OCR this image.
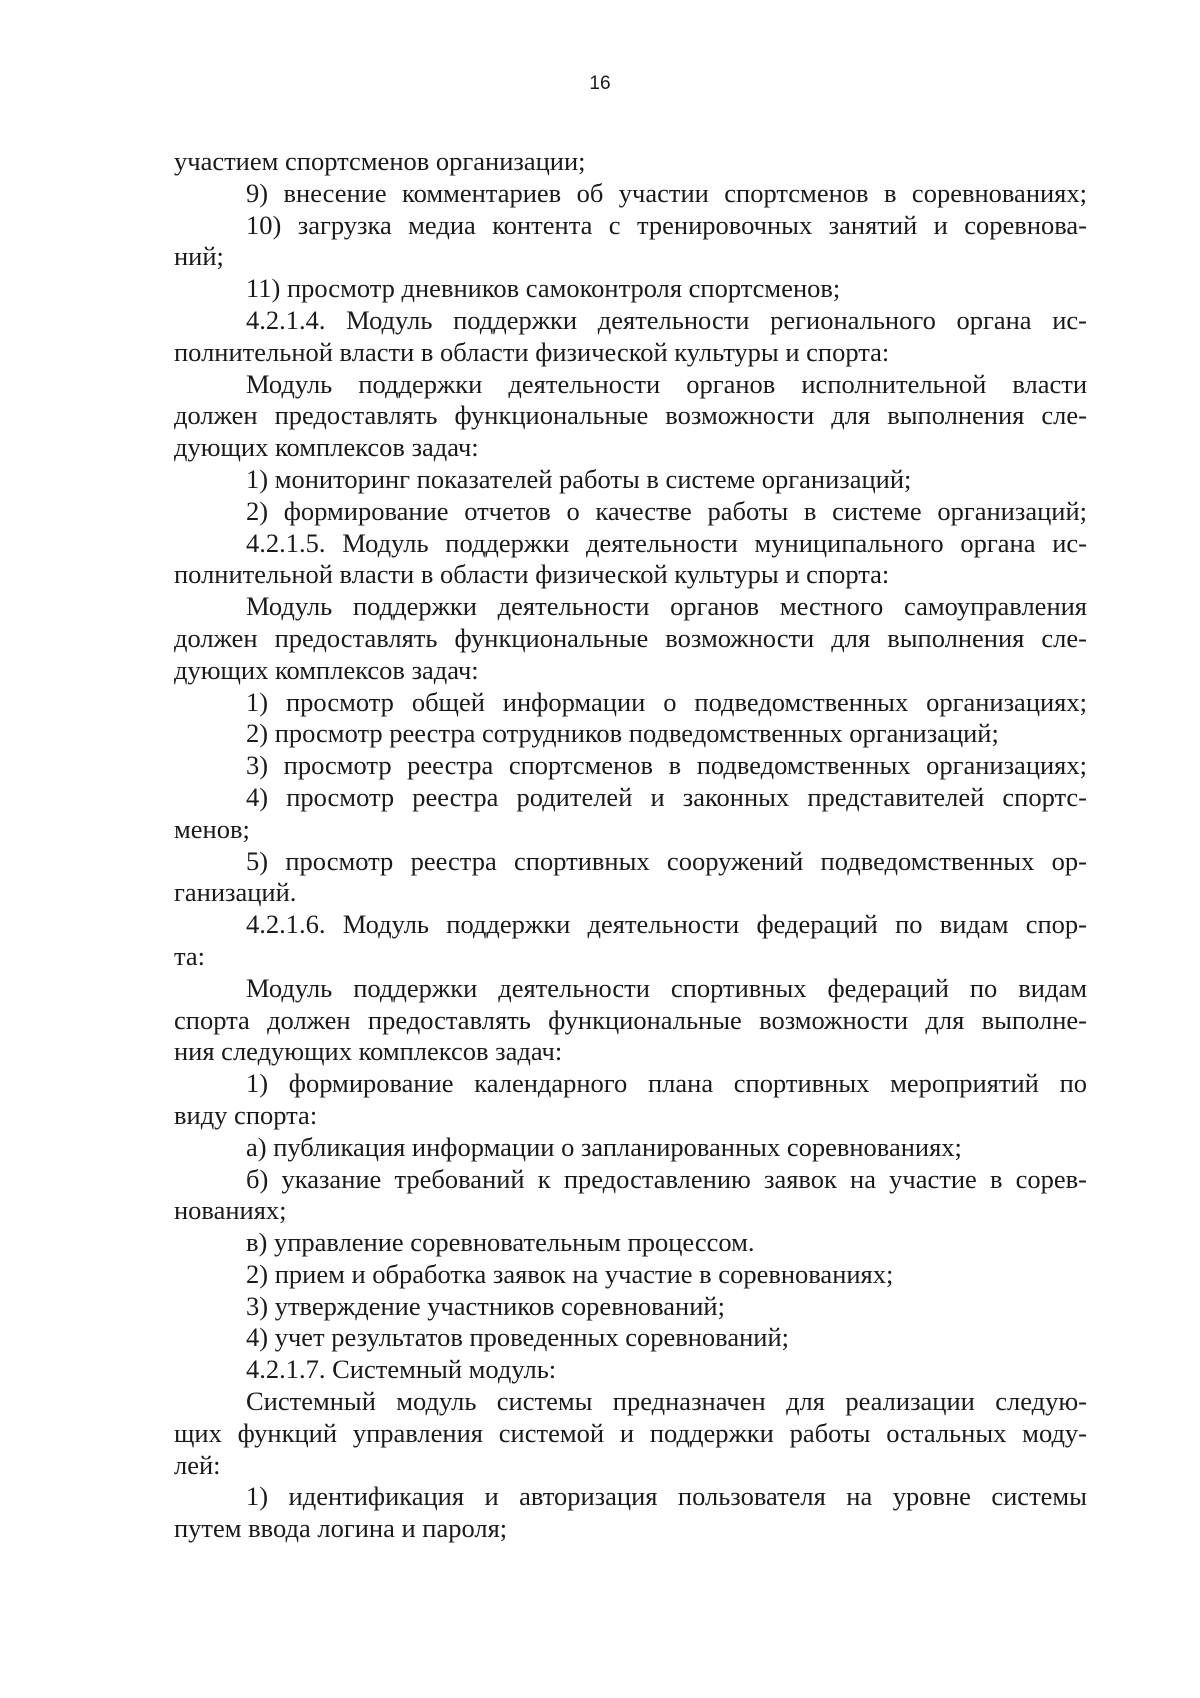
16
участием спортсменов организации;
9) внесение комментариев об участии спортсменов в соревнованиях;
10) загрузка медиа контента с тренировочных занятий и соревнова-
ний;
11) просмотр дневников самоконтроля спортсменов;
4.2.1.4. Модуль поддержки деятельности регионального органа ис-
полнительной власти в области физической культуры и спорта:
Модуль поддержки деятельности органов исполнительной власти
должен предоставлять функциональные возможности для выполнения сле-
дующих комплексов задач:
1) мониторинг показателей работы в системе организаций;
2) формирование отчетов о качестве работы в системе организаций;
4.2.1.5. Модуль поддержки деятельности муниципального органа ис-
полнительной власти в области физической культуры и спорта:
Модуль поддержки деятельности органов местного самоуправления
должен предоставлять функциональные возможности для выполнения сле-
дующих комплексов задач:
1) просмотр общей информации о подведомственных организациях;
2) просмотр реестра сотрудников подведомственных организаций;
3) просмотр реестра спортсменов в подведомственных организациях;
4) просмотр реестра родителей и законных представителей спортс-
менов;
5) просмотр реестра спортивных сооружений подведомственных ор-
ганизаций.
4.2.1.6. Модуль поддержки деятельности федераций по видам спор-
та:
Модуль поддержки деятельности спортивных федераций по видам
спорта должен предоставлять функциональные возможности для выполне-
ния следующих комплексов задач:
1) формирование календарного плана спортивных мероприятий по
виду спорта:
а) публикация информации о запланированных соревнованиях;
б) указание требований к предоставлению заявок на участие в сорев-
нованиях;
в) управление соревновательным процессом.
2) прием и обработка заявок на участие в соревнованиях;
3) утверждение участников соревнований;
4) учет результатов проведенных соревнований;
4.2.1.7. Системный модуль:
Системный модуль системы предназначен для реализации следую-
щих функций управления системой и поддержки работы остальных моду-
лей:
1) идентификация и авторизация пользователя на уровне системы
путем ввода логина и пароля;
